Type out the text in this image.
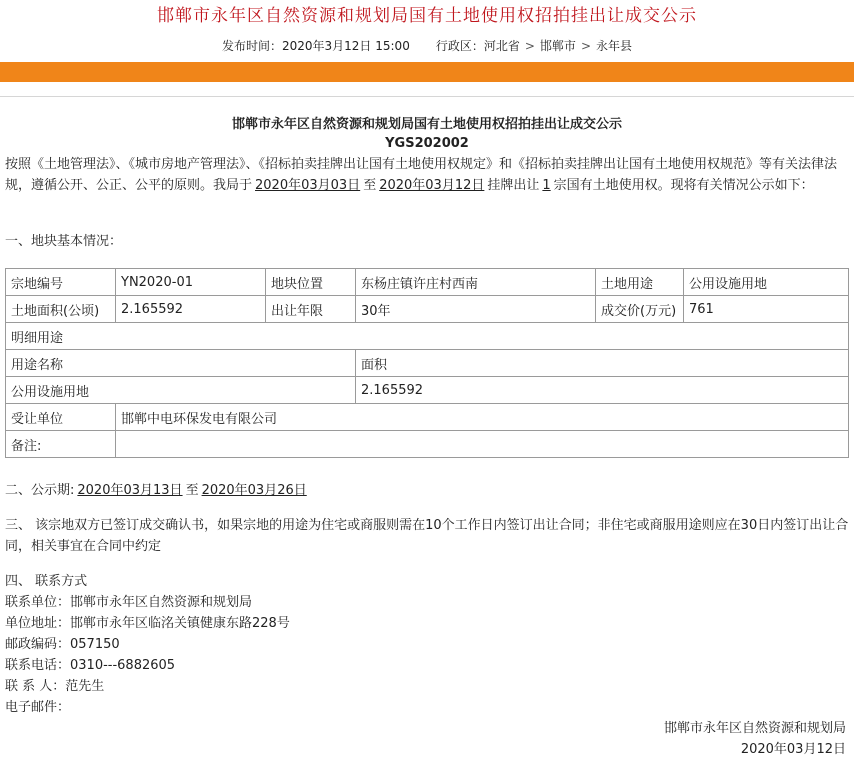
邯郸市永年区自然资源和规划局国有土地使用权招拍挂出让成交公示
发布时间：2020年3月12日 15:00 行政区：河北省 > 邯郸市 > 永年县
邯郸市永年区自然资源和规划局国有土地使用权招拍挂出让成交公示
YGS202002
按照《土地管理法》、《城市房地产管理法》、《招标拍卖挂牌出让国有土地使用权规定》和《招标拍卖挂牌出让国有土地使用权规范》等有关法律法规，遵循公开、公正、公平的原则。我局于 2020年03月03日 至 2020年03月12日 挂牌出让 1 宗国有土地使用权。现将有关情况公示如下：
一、地块基本情况：
宗地编号	YN2020-01	地块位置	东杨庄镇许庄村西南	土地用途	公用设施用地
土地面积(公顷)	2.165592	出让年限	30年	成交价(万元)	761
明细用途					
用途名称			面积		
公用设施用地			2.165592		
受让单位	邯郸中电环保发电有限公司				
备注:					
二、公示期: 2020年03月13日 至 2020年03月26日
三、 该宗地双方已签订成交确认书，如果宗地的用途为住宅或商服则需在10个工作日内签订出让合同；非住宅或商服用途则应在30日内签订出让合同，相关事宜在合同中约定
四、 联系方式
联系单位：邯郸市永年区自然资源和规划局
单位地址：邯郸市永年区临洺关镇健康东路228号
邮政编码：057150
联系电话：0310---6882605
联 系 人：范先生
电子邮件：
邯郸市永年区自然资源和规划局
2020年03月12日
